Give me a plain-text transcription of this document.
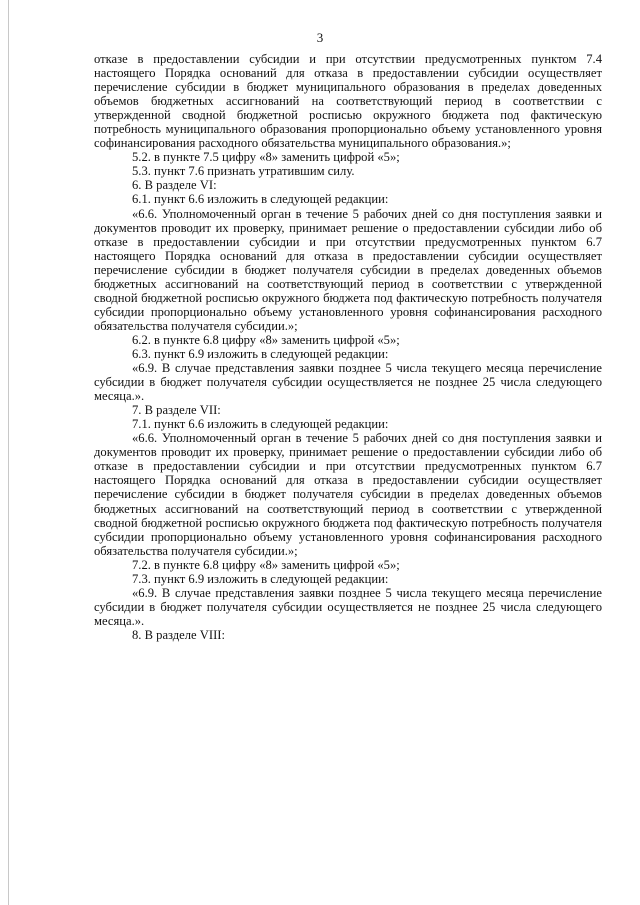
3

отказе в предоставлении субсидии и при отсутствии предусмотренных пунктом 7.4 настоящего Порядка оснований для отказа в предоставлении субсидии осуществляет перечисление субсидии в бюджет муниципального образования в пределах доведенных объемов бюджетных ассигнований на соответствующий период в соответствии с утвержденной сводной бюджетной росписью окружного бюджета под фактическую потребность муниципального образования пропорционально объему установленного уровня софинансирования расходного обязательства муниципального образования.»;

5.2. в пункте 7.5 цифру «8» заменить цифрой «5»;

5.3. пункт 7.6 признать утратившим силу.

6. В разделе VI:

6.1. пункт 6.6 изложить в следующей редакции:

«6.6. Уполномоченный орган в течение 5 рабочих дней со дня поступления заявки и документов проводит их проверку, принимает решение о предоставлении субсидии либо об отказе в предоставлении субсидии и при отсутствии предусмотренных пунктом 6.7 настоящего Порядка оснований для отказа в предоставлении субсидии осуществляет перечисление субсидии в бюджет получателя субсидии в пределах доведенных объемов бюджетных ассигнований на соответствующий период в соответствии с утвержденной сводной бюджетной росписью окружного бюджета под фактическую потребность получателя субсидии пропорционально объему установленного уровня софинансирования расходного обязательства получателя субсидии.»;

6.2. в пункте 6.8 цифру «8» заменить цифрой «5»;

6.3. пункт 6.9 изложить в следующей редакции:

«6.9. В случае представления заявки позднее 5 числа текущего месяца перечисление субсидии в бюджет получателя субсидии осуществляется не позднее 25 числа следующего месяца.».

7. В разделе VII:

7.1. пункт 6.6 изложить в следующей редакции:

«6.6. Уполномоченный орган в течение 5 рабочих дней со дня поступления заявки и документов проводит их проверку, принимает решение о предоставлении субсидии либо об отказе в предоставлении субсидии и при отсутствии предусмотренных пунктом 6.7 настоящего Порядка оснований для отказа в предоставлении субсидии осуществляет перечисление субсидии в бюджет получателя субсидии в пределах доведенных объемов бюджетных ассигнований на соответствующий период в соответствии с утвержденной сводной бюджетной росписью окружного бюджета под фактическую потребность получателя субсидии пропорционально объему установленного уровня софинансирования расходного обязательства получателя субсидии.»;

7.2. в пункте 6.8 цифру «8» заменить цифрой «5»;

7.3. пункт 6.9 изложить в следующей редакции:

«6.9. В случае представления заявки позднее 5 числа текущего месяца перечисление субсидии в бюджет получателя субсидии осуществляется не позднее 25 числа следующего месяца.».

8. В разделе VIII:
